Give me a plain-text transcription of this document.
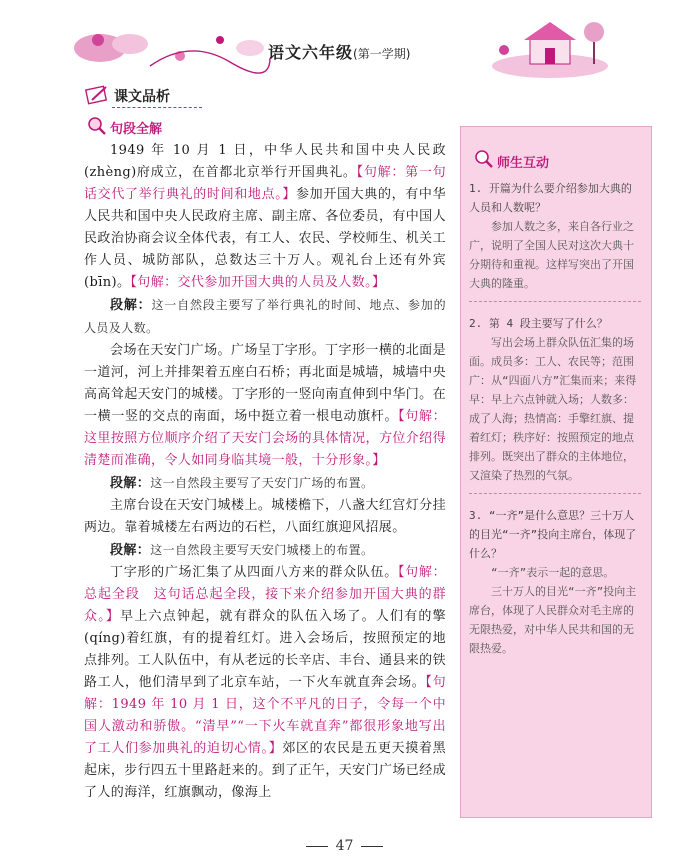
语文六年级(第一学期)
课文品析
句段全解

1949 年 10 月 1 日，中华人民共和国中央人民政(zhèng)府成立，在首都北京举行开国典礼。【句解：第一句话交代了举行典礼的时间和地点。】参加开国大典的，有中华人民共和国中央人民政府主席、副主席、各位委员，有中国人民政治协商会议全体代表，有工人、农民、学校师生、机关工作人员、城防部队，总数达三十万人。观礼台上还有外宾(bīn)。【句解：交代参加开国大典的人员及人数。】

段解：这一自然段主要写了举行典礼的时间、地点、参加的人员及人数。

会场在天安门广场。广场呈丁字形。丁字形一横的北面是一道河，河上并排架着五座白石桥；再北面是城墙，城墙中央高高耸起天安门的城楼。丁字形的一竖向南直伸到中华门。在一横一竖的交点的南面，场中挺立着一根电动旗杆。【句解：这里按照方位顺序介绍了天安门会场的具体情况，方位介绍得清楚而准确，令人如同身临其境一般，十分形象。】

段解：这一自然段主要写了天安门广场的布置。

主席台设在天安门城楼上。城楼檐下，八盏大红宫灯分挂两边。靠着城楼左右两边的石栏，八面红旗迎风招展。

段解：这一自然段主要写天安门城楼上的布置。

丁字形的广场汇集了从四面八方来的群众队伍。【句解：总起全段　这句话总起全段，接下来介绍参加开国大典的群众。】早上六点钟起，就有群众的队伍入场了。人们有的擎(qíng)着红旗，有的提着红灯。进入会场后，按照预定的地点排列。工人队伍中，有从老远的长辛店、丰台、通县来的铁路工人，他们清早到了北京车站，一下火车就直奔会场。【句解：1949 年 10 月 1 日，这个不平凡的日子，令每一个中国人激动和骄傲。“清早”“一下火车就直奔”都很形象地写出了工人们参加典礼的迫切心情。】郊区的农民是五更天摸着黑起床，步行四五十里路赶来的。到了正午，天安门广场已经成了人的海洋，红旗飘动，像海上

师生互动

1. 开篇为什么要介绍参加大典的人员和人数呢？

参加人数之多，来自各行业之广，说明了全国人民对这次大典十分期待和重视。这样写突出了开国大典的隆重。

2. 第 4 段主要写了什么？

写出会场上群众队伍汇集的场面。成员多：工人、农民等；范围广：从“四面八方”汇集而来；来得早：早上六点钟就入场；人数多：成了人海；热情高：手擎红旗、提着红灯；秩序好：按照预定的地点排列。既突出了群众的主体地位，又渲染了热烈的气氛。

3. “一齐”是什么意思？三十万人的目光“一齐”投向主席台，体现了什么？

“一齐”表示一起的意思。

三十万人的目光“一齐”投向主席台，体现了人民群众对毛主席的无限热爱，对中华人民共和国的无限热爱。

47
